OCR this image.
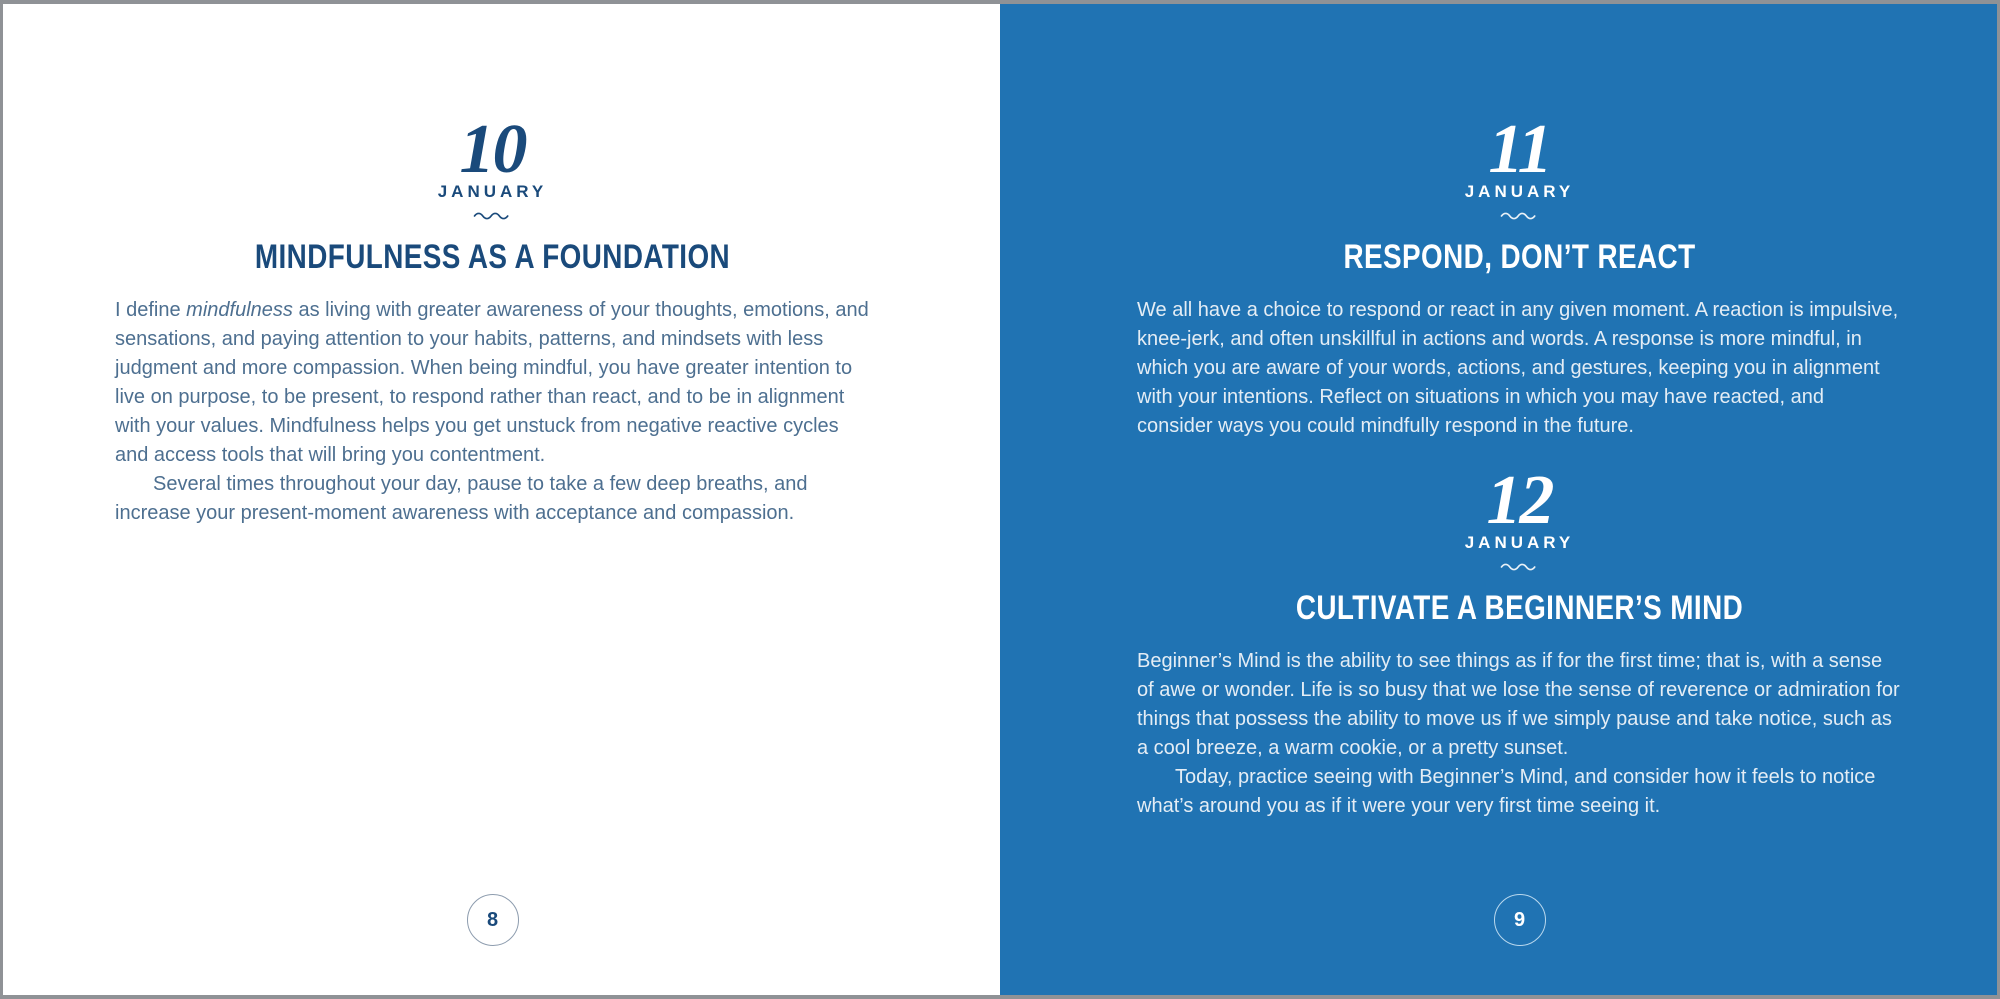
10
JANUARY
MINDFULNESS AS A FOUNDATION

I define mindfulness as living with greater awareness of your thoughts, emotions, and sensations, and paying attention to your habits, patterns, and mindsets with less judgment and more compassion. When being mindful, you have greater intention to live on purpose, to be present, to respond rather than react, and to be in alignment with your values. Mindfulness helps you get unstuck from negative reactive cycles and access tools that will bring you contentment.

Several times throughout your day, pause to take a few deep breaths, and increase your present-moment awareness with acceptance and compassion.

8
11
JANUARY
RESPOND, DON’T REACT

We all have a choice to respond or react in any given moment. A reaction is impulsive, knee-jerk, and often unskillful in actions and words. A response is more mindful, in which you are aware of your words, actions, and gestures, keeping you in alignment with your intentions. Reflect on situations in which you may have reacted, and consider ways you could mindfully respond in the future.

12
JANUARY
CULTIVATE A BEGINNER’S MIND

Beginner’s Mind is the ability to see things as if for the first time; that is, with a sense of awe or wonder. Life is so busy that we lose the sense of reverence or admiration for things that possess the ability to move us if we simply pause and take notice, such as a cool breeze, a warm cookie, or a pretty sunset.

Today, practice seeing with Beginner’s Mind, and consider how it feels to notice what’s around you as if it were your very first time seeing it.

9
